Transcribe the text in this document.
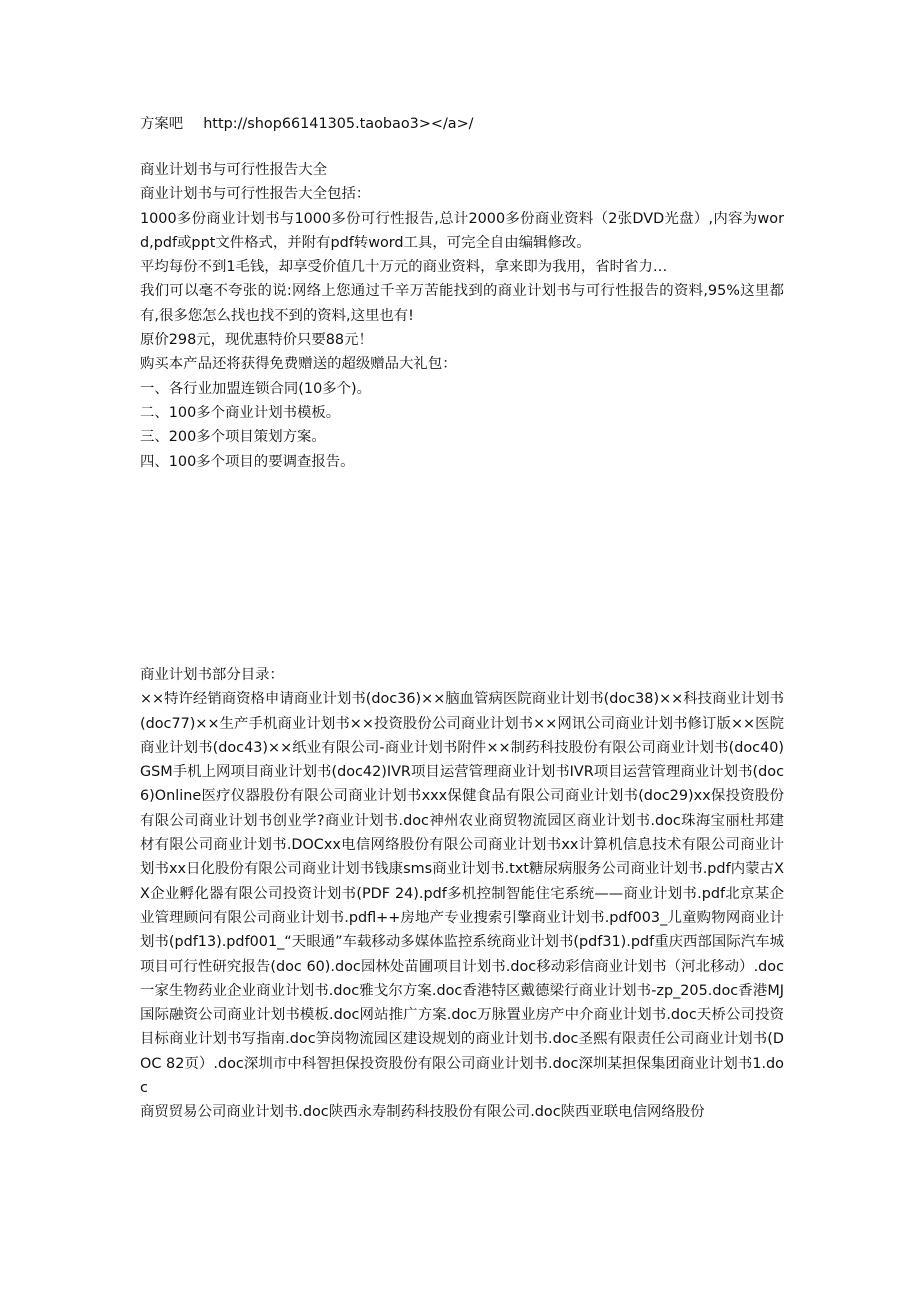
方案吧 http://shop66141305.taobao3></a>/
商业计划书与可行性报告大全
商业计划书与可行性报告大全包括：

1000多份商业计划书与1000多份可行性报告,总计2000多份商业资料（2张DVD光盘）,内容为word,pdf或ppt文件格式，并附有pdf转word工具，可完全自由编辑修改。

平均每份不到1毛钱，却享受价值几十万元的商业资料，拿来即为我用，省时省力…

我们可以毫不夸张的说:网络上您通过千辛万苦能找到的商业计划书与可行性报告的资料,95%这里都有,很多您怎么找也找不到的资料,这里也有!

原价298元，现优惠特价只要88元！
购买本产品还将获得免费赠送的超级赠品大礼包：
一、各行业加盟连锁合同(10多个)。
二、100多个商业计划书模板。
三、200多个项目策划方案。
四、100多个项目的要调查报告。
商业计划书部分目录：

××特许经销商资格申请商业计划书(doc36)××脑血管病医院商业计划书(doc38)××科技商业计划书(doc77)××生产手机商业计划书××投资股份公司商业计划书××网讯公司商业计划书修订版××医院商业计划书(doc43)××纸业有限公司-商业计划书附件××制药科技股份有限公司商业计划书(doc40)GSM手机上网项目商业计划书(doc42)IVR项目运营管理商业计划书IVR项目运营管理商业计划书(doc6)Online医疗仪器股份有限公司商业计划书xxx保健食品有限公司商业计划书(doc29)xx保投资股份有限公司商业计划书创业学?商业计划书.doc神州农业商贸物流园区商业计划书.doc珠海宝丽杜邦建材有限公司商业计划书.DOCxx电信网络股份有限公司商业计划书xx计算机信息技术有限公司商业计划书xx日化股份有限公司商业计划书钱康sms商业计划书.txt糖尿病服务公司商业计划书.pdf内蒙古XX企业孵化器有限公司投资计划书(PDF 24).pdf多机控制智能住宅系统——商业计划书.pdf北京某企业管理顾问有限公司商业计划书.pdfl++房地产专业搜索引擎商业计划书.pdf003_儿童购物网商业计划书(pdf13).pdf001_“天眼通”车载移动多媒体监控系统商业计划书(pdf31).pdf重庆西部国际汽车城项目可行性研究报告(doc 60).doc园林处苗圃项目计划书.doc移动彩信商业计划书（河北移动）.doc一家生物药业企业商业计划书.doc雅戈尔方案.doc香港特区戴德梁行商业计划书-zp_205.doc香港MJ国际融资公司商业计划书模板.doc网站推广方案.doc万脉置业房产中介商业计划书.doc天桥公司投资目标商业计划书写指南.doc笋岗物流园区建设规划的商业计划书.doc圣熙有限责任公司商业计划书(DOC 82页）.doc深圳市中科智担保投资股份有限公司商业计划书.doc深圳某担保集团商业计划书1.doc

商贸贸易公司商业计划书.doc陕西永寿制药科技股份有限公司.doc陕西亚联电信网络股份
